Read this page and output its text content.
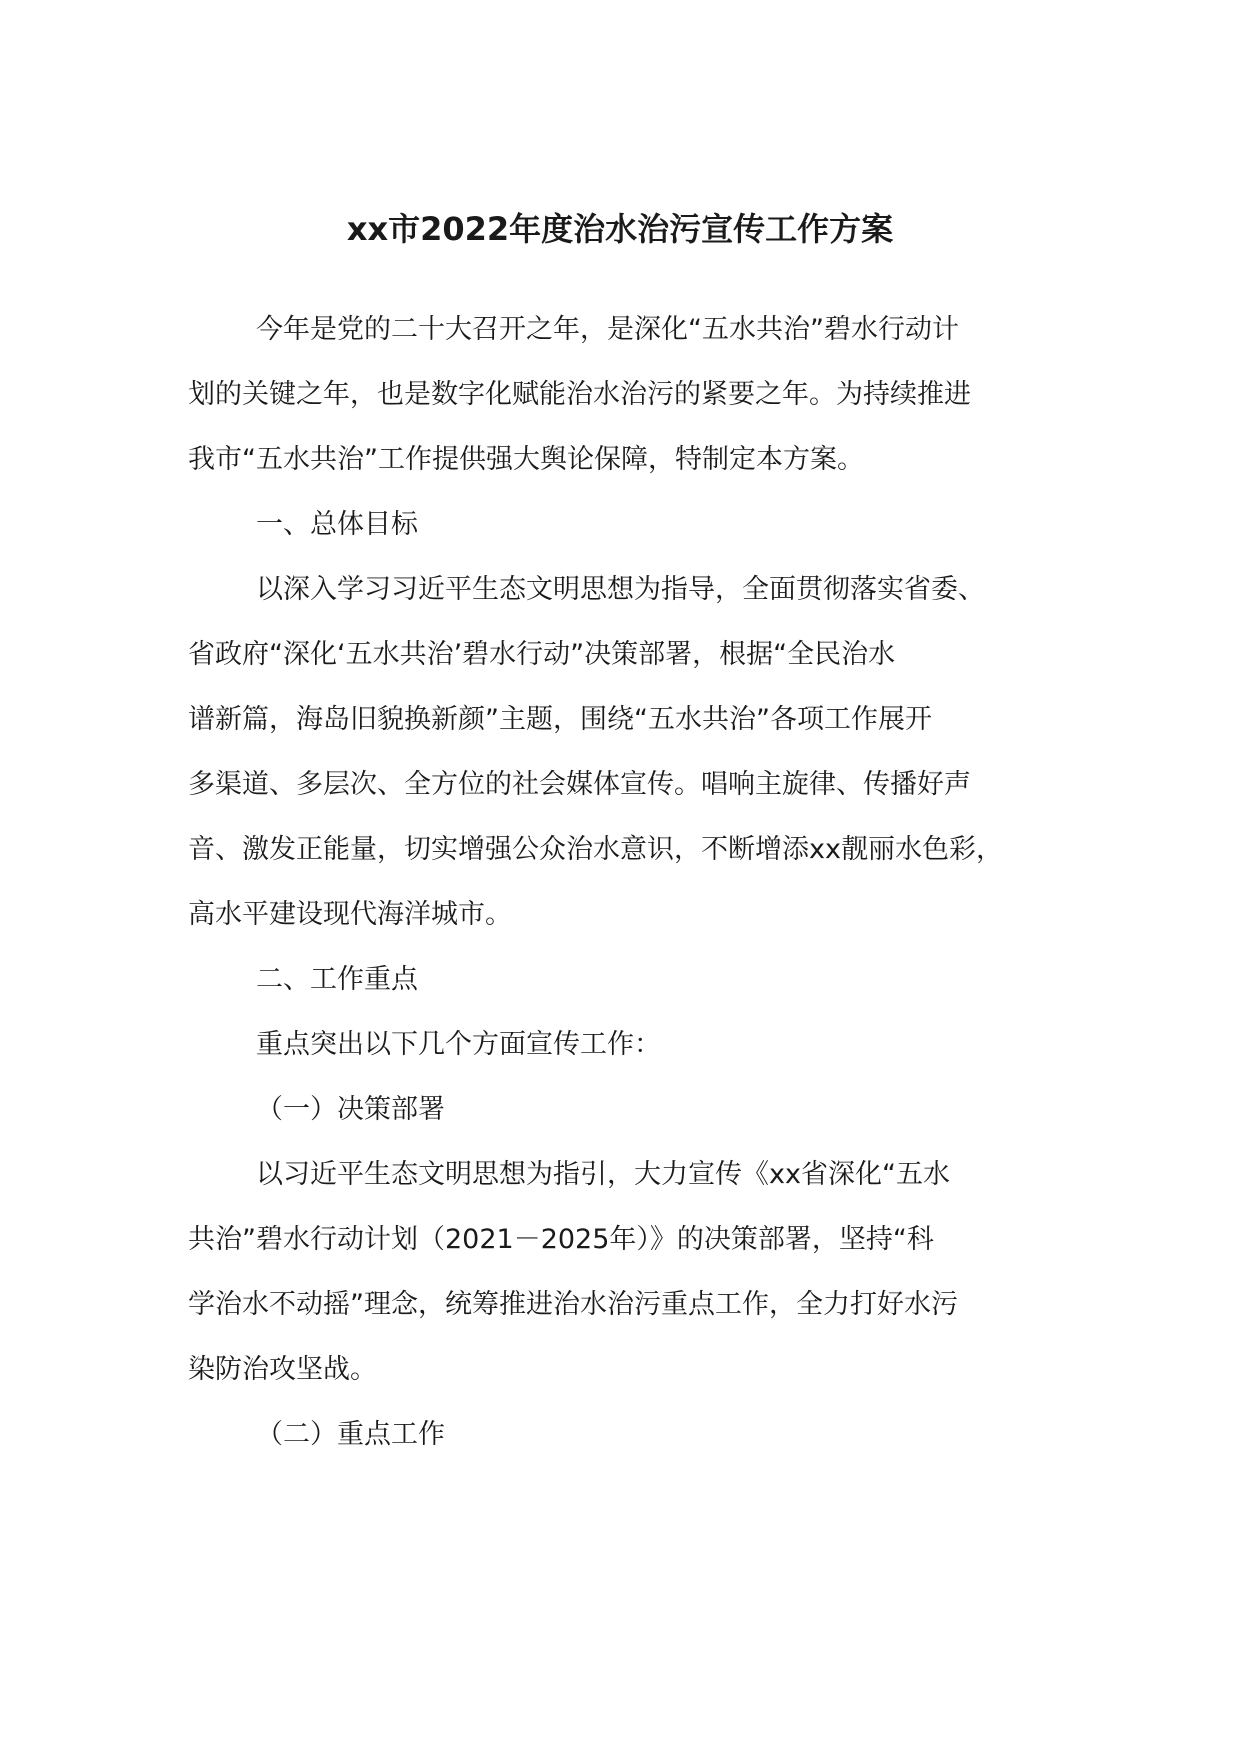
xx市2022年度治水治污宣传工作方案

今年是党的二十大召开之年，是深化“五水共治”碧水行动计
划的关键之年，也是数字化赋能治水治污的紧要之年。为持续推进
我市“五水共治”工作提供强大舆论保障，特制定本方案。

一、总体目标

以深入学习习近平生态文明思想为指导，全面贯彻落实省委、
省政府“深化‘五水共治’碧水行动”决策部署，根据“全民治水
谱新篇，海岛旧貌换新颜”主题，围绕“五水共治”各项工作展开
多渠道、多层次、全方位的社会媒体宣传。唱响主旋律、传播好声
音、激发正能量，切实增强公众治水意识，不断增添xx靓丽水色彩，
高水平建设现代海洋城市。

二、工作重点

重点突出以下几个方面宣传工作：

（一）决策部署

以习近平生态文明思想为指引，大力宣传《xx省深化“五水
共治”碧水行动计划（2021－2025年）》的决策部署，坚持“科
学治水不动摇”理念，统筹推进治水治污重点工作，全力打好水污
染防治攻坚战。

（二）重点工作
